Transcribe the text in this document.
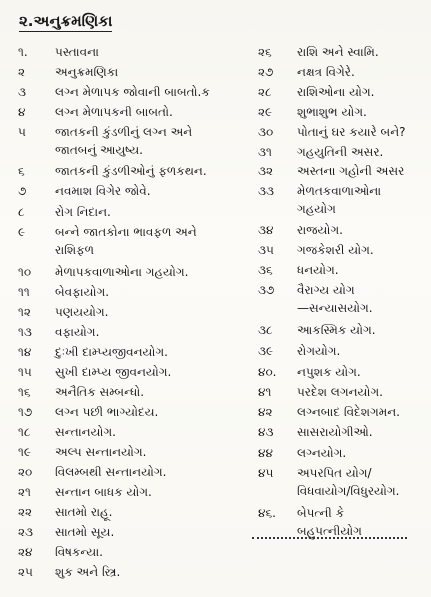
૨.અનુક્રમણિકા
૧. પસ્તાવના
૨ અનુક્રમણિકા
૩ લગ્ન મેળાપક જોવાની બાબતો.ક
૪ લગ્ન મેળાપકની બાબતો.
૫ જાતકની કુંડળીનું લગ્ન અને
જાતબનું આયુષ્ય.
૬	જાતકની કુંડળીઓનું ફળકથન.
૭ નવમાશ વિગેર જોવે.
૮	રોગ નિદાન.
૯ બન્ને જાતકોના ભાવફળ અને
રાશિફળ
૧૦ મેળાપકવાળાઓના ગહયોગ.
૧૧ બેવફાયોગ.
૧૨ પણયયોગ.
૧૩ વફાયોગ.
૧૪ દુઃખી દામ્પ્યજીવનયોગ.
૧૫ સુખી દામ્પ્ય જીવનયોગ.
૧૬ અનૈતિક સમ્બન્ધો.
૧૭ લગ્ન પછી ભાગ્યોદય.
૧૮ સન્તાનયોગ.
૧૯ અલ્પ સન્તાનયોગ.
૨૦ વિલમ્બથી સન્તાનયોગ.
૨૧ સન્તાન બાધક યોગ.
૨૨ સાતમો રાહૂ.
૨૩ સાતમો સૂય.
૨૪ વિષકન્યા.
૨૫ શુક અને સ્ત્રિ.
૨૬ રાશિ અને સ્વામિ.
૨૭ નક્ષત્ર વિગેરે.
૨૮ રાશિઓના યોગ.
૨૯ શુભાશુભ યોગ.
૩૦ પોતાનું ઘર કયારે બને?
૩૧ ગહયુતિની અસર.
૩૨ અસ્તના ગહોની અસર
૩૩ મેળતકવાળાઓના
ગહયોગ
૩૪ રાજયોગ.
૩૫ ગજકેશરી યોગ.
૩૬ ધનયોગ.
૩૭ વૈરાગ્ય યોગ
—સન્યાસયોગ.
૩૮ આકસ્મિક યોગ.
૩૯ રોગયોગ.
૪૦. નપુશક યોગ.
૪૧ પરદેશ લગનયોગ.
૪૨ લગ્નબાદ વિદેશગમન.
૪૩ સાસરાયોગીઓ.
૪૪ લગ્નયોગ.
૪૫ અપરપિત યોગ/
વિધવાયોગ/વિધુરયોગ.
૪૬. બેપત્ની કે
બહુપત્નીયોગ
